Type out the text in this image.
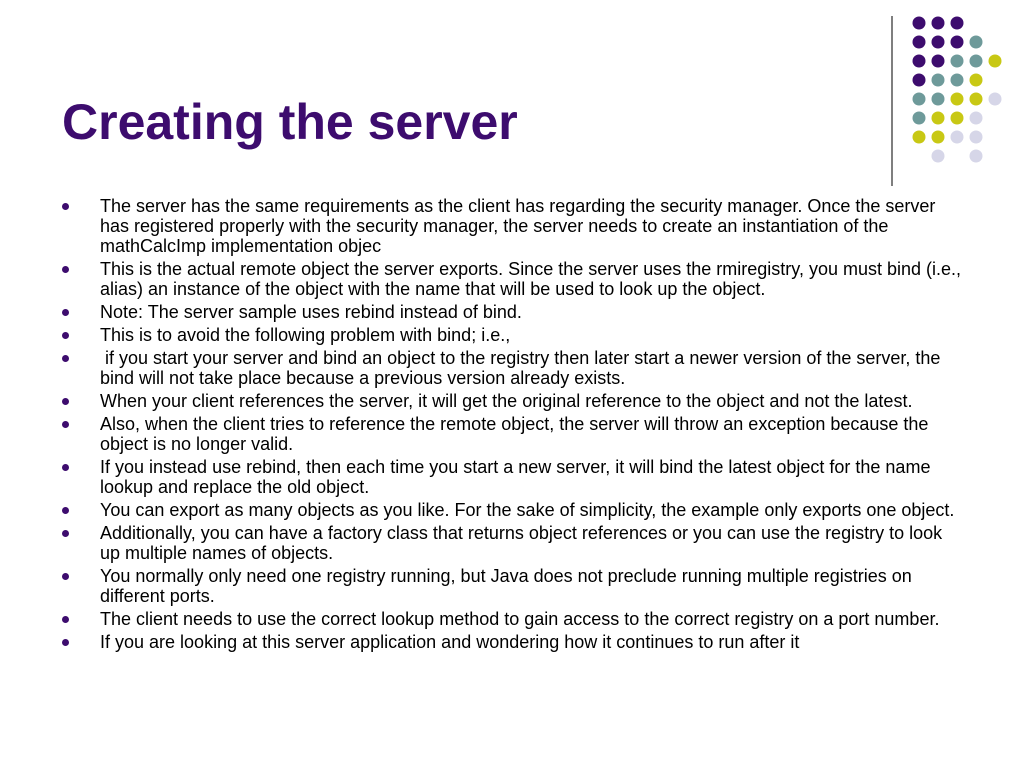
Creating the server
The server has the same requirements as the client has regarding the security manager. Once the server has registered properly with the security manager, the server needs to create an instantiation of the mathCalcImp implementation objec
This is the actual remote object the server exports. Since the server uses the rmiregistry, you must bind (i.e., alias) an instance of the object with the name that will be used to look up the object.
Note: The server sample uses rebind instead of bind.
This is to avoid the following problem with bind; i.e.,
if you start your server and bind an object to the registry then later start a newer version of the server, the bind will not take place because a previous version already exists.
When your client references the server, it will get the original reference to the object and not the latest.
Also, when the client tries to reference the remote object, the server will throw an exception because the object is no longer valid.
If you instead use rebind, then each time you start a new server, it will bind the latest object for the name lookup and replace the old object.
You can export as many objects as you like. For the sake of simplicity, the example only exports one object.
Additionally, you can have a factory class that returns object references or you can use the registry to look up multiple names of objects.
You normally only need one registry running, but Java does not preclude running multiple registries on different ports.
The client needs to use the correct lookup method to gain access to the correct registry on a port number.
If you are looking at this server application and wondering how it continues to run after it
